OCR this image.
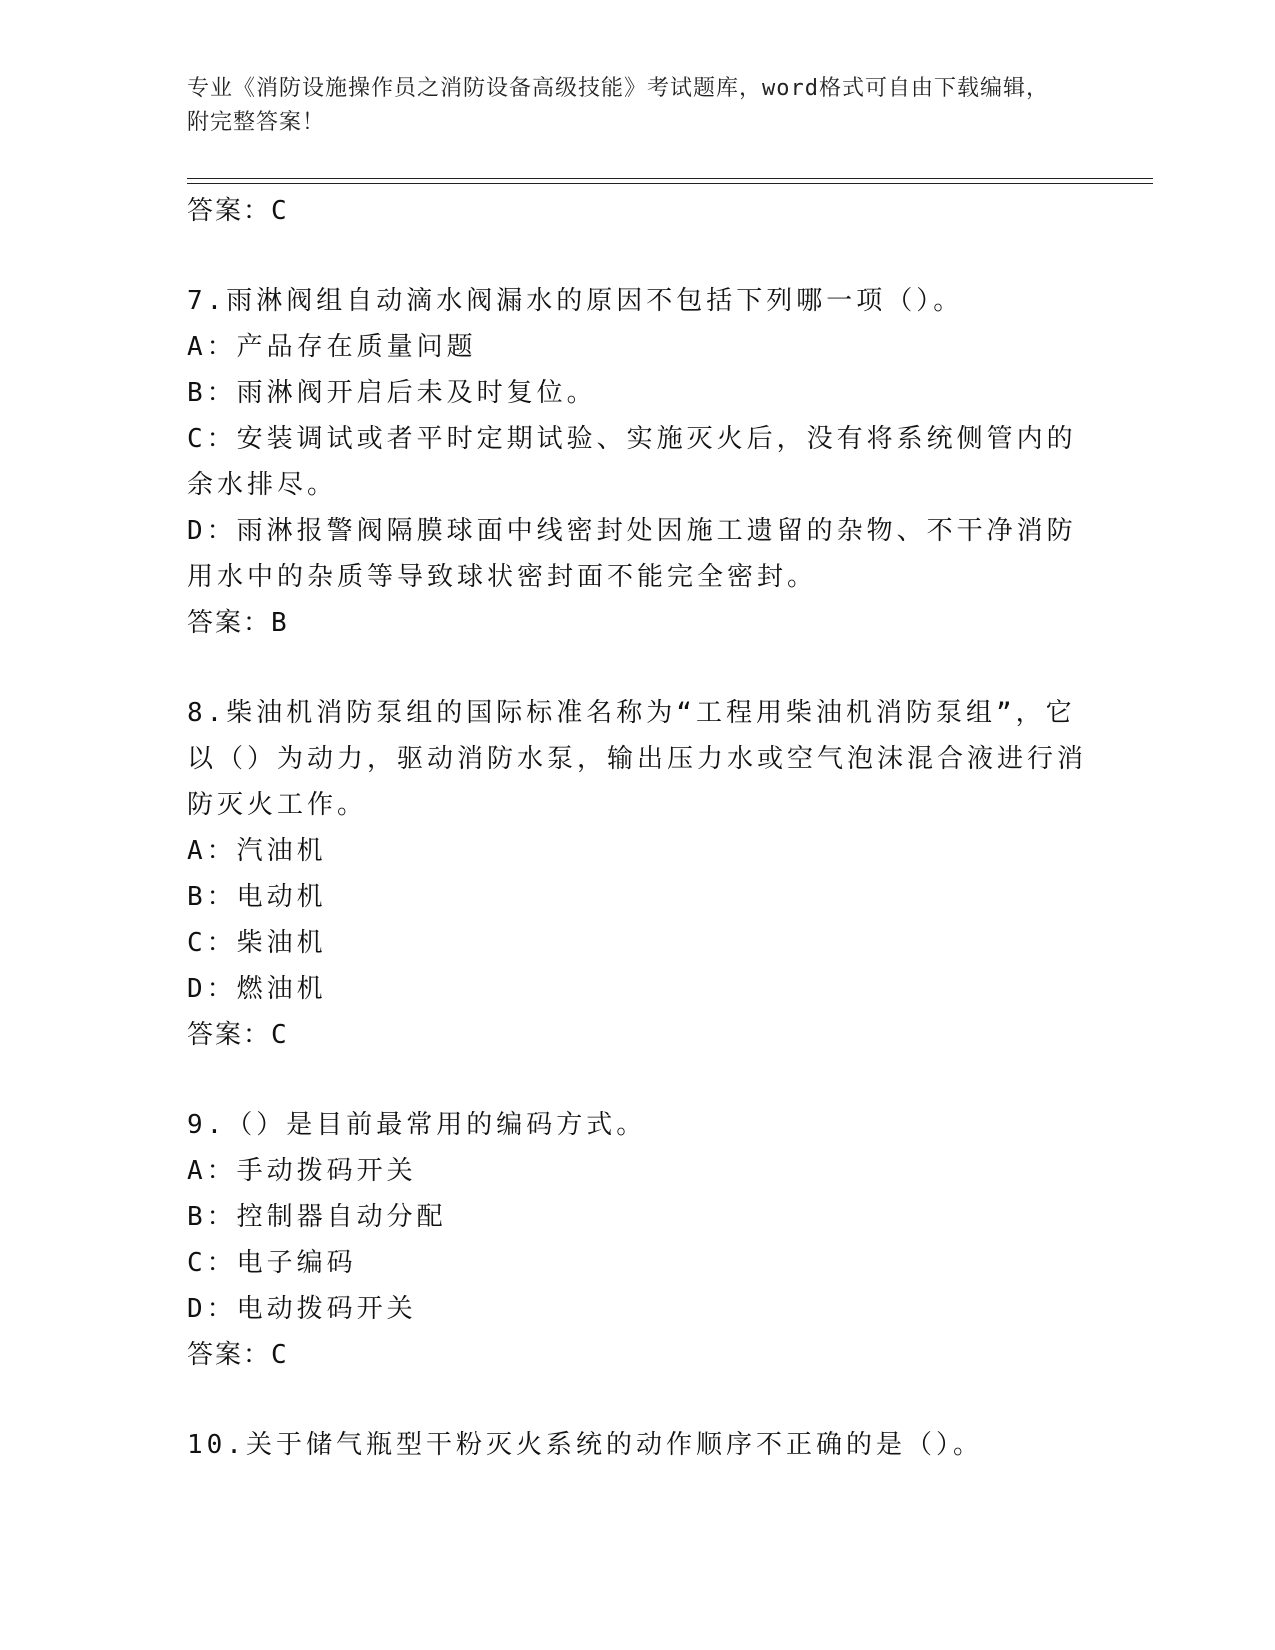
专业《消防设施操作员之消防设备高级技能》考试题库，word格式可自由下载编辑，附完整答案！

答案：C

7.雨淋阀组自动滴水阀漏水的原因不包括下列哪一项（）。

A：产品存在质量问题

B：雨淋阀开启后未及时复位。

C：安装调试或者平时定期试验、实施灭火后，没有将系统侧管内的余水排尽。

D：雨淋报警阀隔膜球面中线密封处因施工遗留的杂物、不干净消防用水中的杂质等导致球状密封面不能完全密封。

答案：B

8.柴油机消防泵组的国际标准名称为“工程用柴油机消防泵组”，它以（）为动力，驱动消防水泵，输出压力水或空气泡沫混合液进行消防灭火工作。

A：汽油机

B：电动机

C：柴油机

D：燃油机

答案：C

9.（）是目前最常用的编码方式。

A：手动拨码开关

B：控制器自动分配

C：电子编码

D：电动拨码开关

答案：C

10.关于储气瓶型干粉灭火系统的动作顺序不正确的是（）。
